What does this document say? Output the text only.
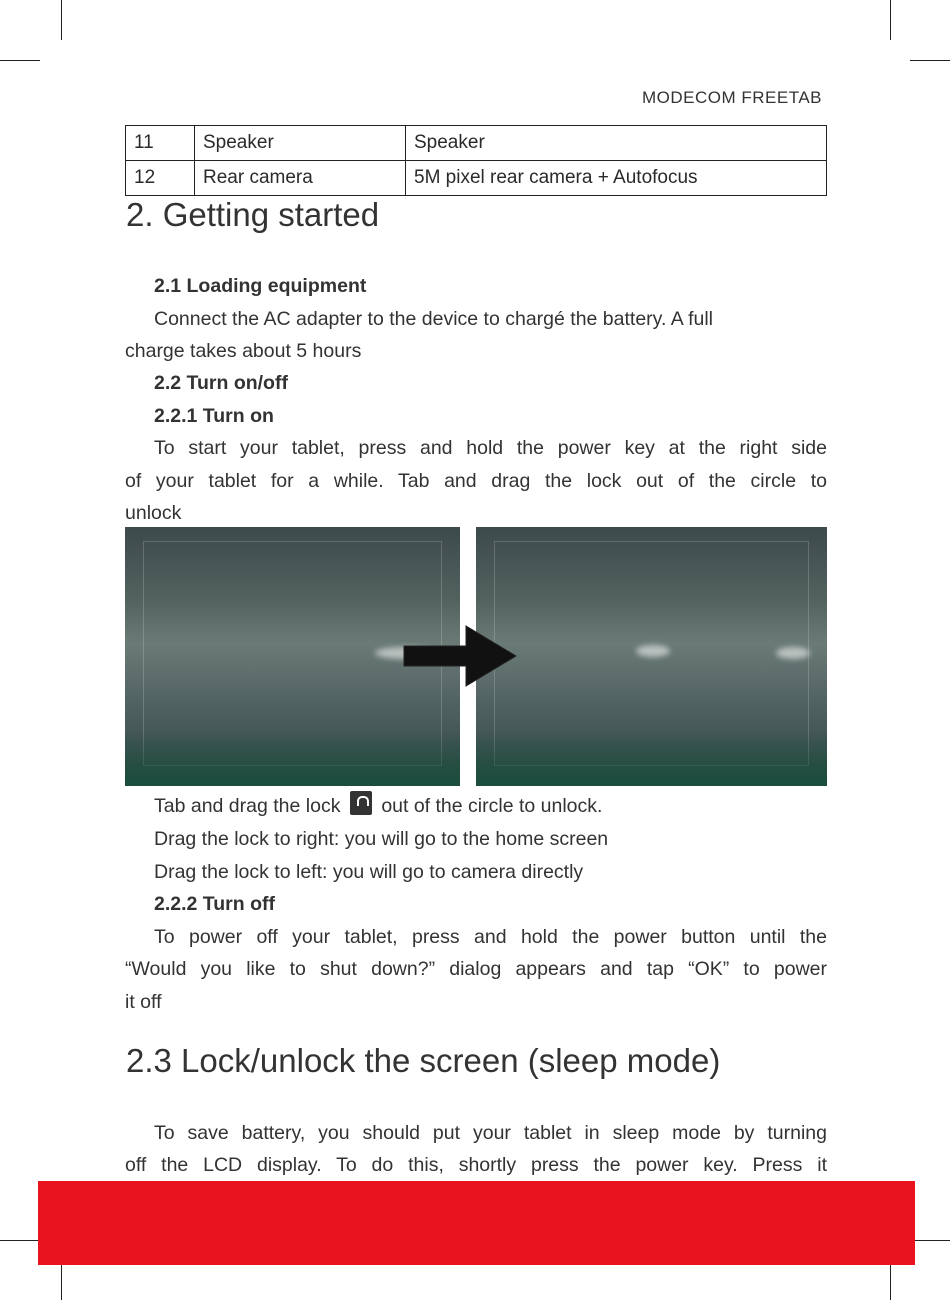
MODECOM FREETAB
11	Speaker	Speaker
12	Rear camera	5M pixel rear camera + Autofocus
2. Getting started
2.1 Loading equipment
Connect the AC adapter to the device to chargé the battery. A full
charge takes about 5 hours
2.2 Turn on/off
2.2.1 Turn on
To start your tablet, press and hold the power key at the right side
of your tablet for a while. Tab and drag the lock out of the circle to
unlock
Tab and drag the lock out of the circle to unlock.
Drag the lock to right: you will go to the home screen
Drag the lock to left: you will go to camera directly
2.2.2 Turn off
To power off your tablet, press and hold the power button until the
“Would you like to shut down?” dialog appears and tap “OK” to power
it off
2.3 Lock/unlock the screen (sleep mode)
To save battery, you should put your tablet in sleep mode by turning
off the LCD display. To do this, shortly press the power key. Press it
